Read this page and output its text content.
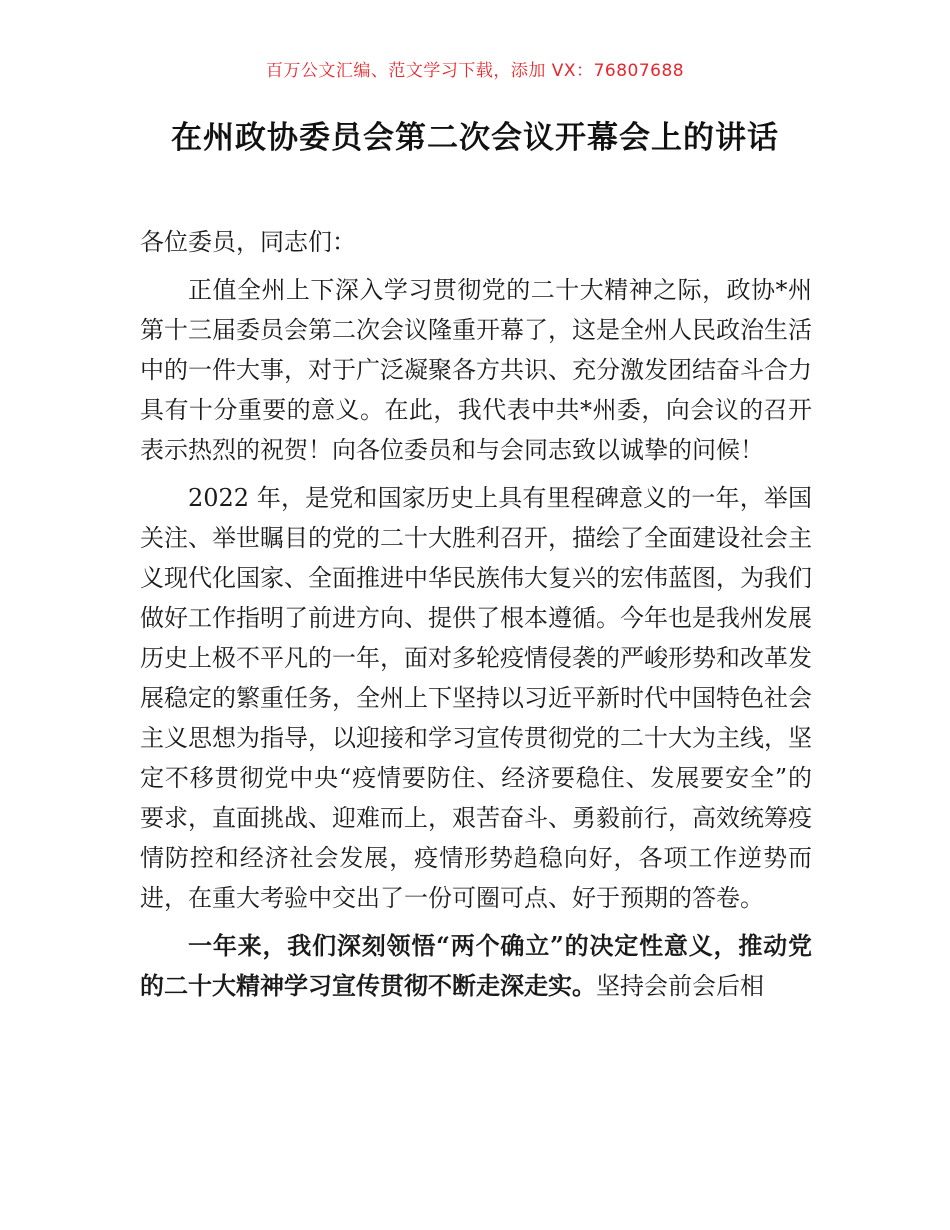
百万公文汇编、范文学习下载，添加 VX：76807688
在州政协委员会第二次会议开幕会上的讲话

各位委员，同志们：

正值全州上下深入学习贯彻党的二十大精神之际，政协*州第十三届委员会第二次会议隆重开幕了，这是全州人民政治生活中的一件大事，对于广泛凝聚各方共识、充分激发团结奋斗合力具有十分重要的意义。在此，我代表中共*州委，向会议的召开表示热烈的祝贺！向各位委员和与会同志致以诚挚的问候！

2022 年，是党和国家历史上具有里程碑意义的一年，举国关注、举世瞩目的党的二十大胜利召开，描绘了全面建设社会主义现代化国家、全面推进中华民族伟大复兴的宏伟蓝图，为我们做好工作指明了前进方向、提供了根本遵循。今年也是我州发展历史上极不平凡的一年，面对多轮疫情侵袭的严峻形势和改革发展稳定的繁重任务，全州上下坚持以习近平新时代中国特色社会主义思想为指导，以迎接和学习宣传贯彻党的二十大为主线，坚定不移贯彻党中央“疫情要防住、经济要稳住、发展要安全”的要求，直面挑战、迎难而上，艰苦奋斗、勇毅前行，高效统筹疫情防控和经济社会发展，疫情形势趋稳向好，各项工作逆势而进，在重大考验中交出了一份可圈可点、好于预期的答卷。

一年来，我们深刻领悟“两个确立”的决定性意义，推动党的二十大精神学习宣传贯彻不断走深走实。坚持会前会后相
